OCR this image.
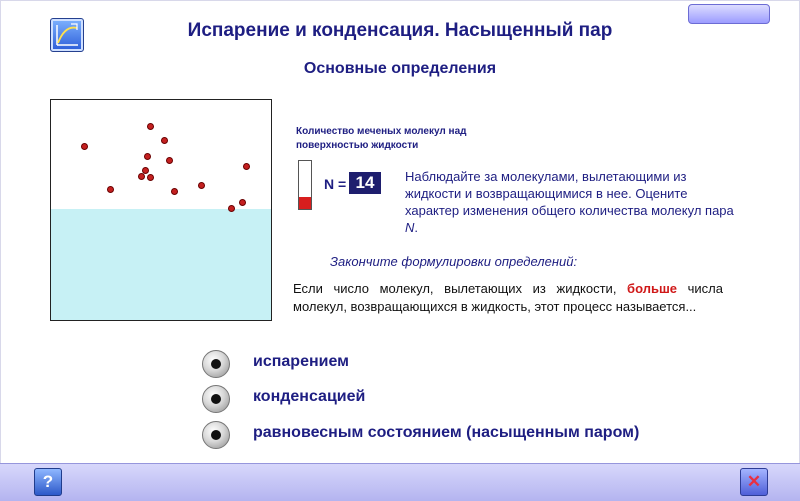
Испарение и конденсация. Насыщенный пар
Основные определения
Количество меченых молекул над поверхностью жидкости
N = 14	Наблюдайте за молекулами, вылетающими из жидкости и возвращающимися в нее. Оцените характер изменения общего количества молекул пара N.
Закончите формулировки определений:
Если число молекул, вылетающих из жидкости, больше числа молекул, возвращающихся в жидкость, этот процесс называется...
испарением
конденсацией
равновесным состоянием (насыщенным паром)
?	✕
